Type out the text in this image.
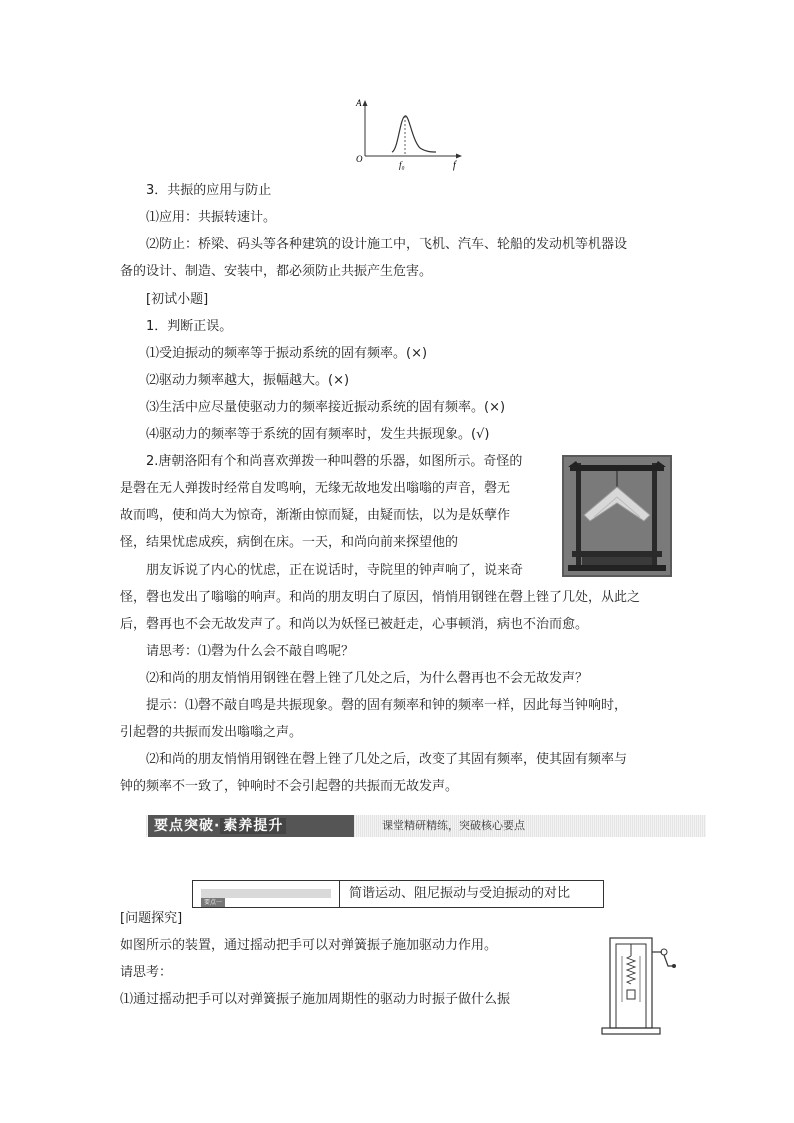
A
f
O
f₀
3．共振的应用与防止
⑴应用：共振转速计。
⑵防止：桥梁、码头等各种建筑的设计施工中，飞机、汽车、轮船的发动机等机器设
备的设计、制造、安装中，都必须防止共振产生危害。
[初试小题]
1．判断正误。
⑴受迫振动的频率等于振动系统的固有频率。(×)
⑵驱动力频率越大，振幅越大。(×)
⑶生活中应尽量使驱动力的频率接近振动系统的固有频率。(×)
⑷驱动力的频率等于系统的固有频率时，发生共振现象。(√)
2.唐朝洛阳有个和尚喜欢弹拨一种叫磬的乐器，如图所示。奇怪的
是磬在无人弹拨时经常自发鸣响，无缘无故地发出嗡嗡的声音，磬无
故而鸣，使和尚大为惊奇，渐渐由惊而疑，由疑而怯，以为是妖孽作
怪，结果忧虑成疾，病倒在床。一天，和尚向前来探望他的
朋友诉说了内心的忧虑，正在说话时，寺院里的钟声响了，说来奇
怪，磬也发出了嗡嗡的响声。和尚的朋友明白了原因，悄悄用钢锉在磬上锉了几处，从此之
后，磬再也不会无故发声了。和尚以为妖怪已被赶走，心事顿消，病也不治而愈。
请思考：⑴磬为什么会不敲自鸣呢？
⑵和尚的朋友悄悄用钢锉在磬上锉了几处之后，为什么磬再也不会无故发声？
提示：⑴磬不敲自鸣是共振现象。磬的固有频率和钟的频率一样，因此每当钟响时，
引起磬的共振而发出嗡嗡之声。
⑵和尚的朋友悄悄用钢锉在磬上锉了几处之后，改变了其固有频率，使其固有频率与
钟的频率不一致了，钟响时不会引起磬的共振而无故发声。
要点突破· 素养提升	课堂精研精练，突破核心要点
要点一
简谐运动、阻尼振动与受迫振动的对比
[问题探究]
如图所示的装置，通过摇动把手可以对弹簧振子施加驱动力作用。
请思考：
⑴通过摇动把手可以对弹簧振子施加周期性的驱动力时振子做什么振
